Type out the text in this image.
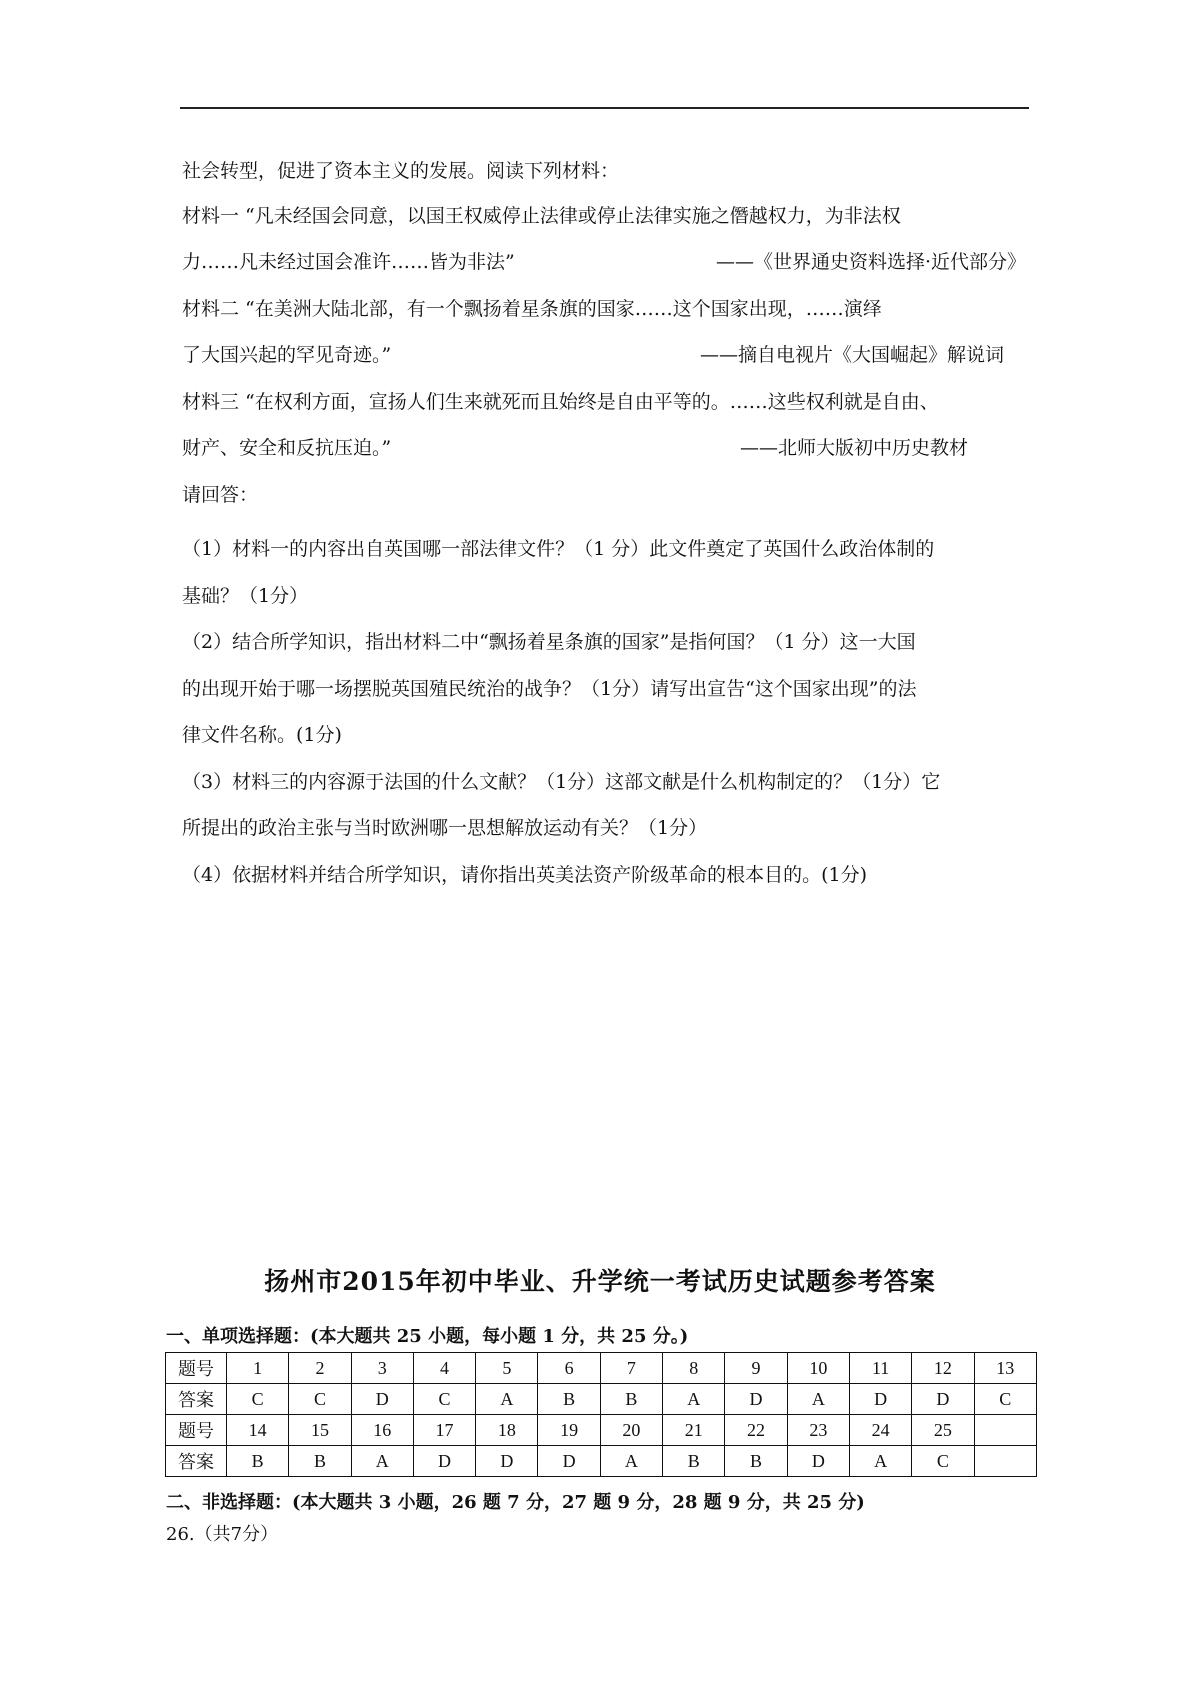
社会转型，促进了资本主义的发展。阅读下列材料：
材料一 “凡未经国会同意，以国王权威停止法律或停止法律实施之僭越权力，为非法权
力……凡未经过国会准许……皆为非法”	——《世界通史资料选择·近代部分》
材料二 “在美洲大陆北部，有一个飘扬着星条旗的国家……这个国家出现，……演绎
了大国兴起的罕见奇迹。”	——摘自电视片《大国崛起》解说词
材料三 “在权利方面，宣扬人们生来就死而且始终是自由平等的。……这些权利就是自由、
财产、安全和反抗压迫。”	——北师大版初中历史教材
请回答：
（1）材料一的内容出自英国哪一部法律文件？（1 分）此文件奠定了英国什么政治体制的
基础？（1分）
（2）结合所学知识，指出材料二中“飘扬着星条旗的国家”是指何国？（1 分）这一大国
的出现开始于哪一场摆脱英国殖民统治的战争？（1分）请写出宣告“这个国家出现”的法
律文件名称。(1分)
（3）材料三的内容源于法国的什么文献？（1分）这部文献是什么机构制定的？（1分）它
所提出的政治主张与当时欧洲哪一思想解放运动有关？（1分）
（4）依据材料并结合所学知识，请你指出英美法资产阶级革命的根本目的。(1分)
扬州市2015年初中毕业、升学统一考试历史试题参考答案
一、单项选择题：(本大题共 25 小题，每小题 1 分，共 25 分。)
题号	1	2	3	4	5	6	7	8	9	10	11	12	13
答案	C	C	D	C	A	B	B	A	D	A	D	D	C
题号	14	15	16	17	18	19	20	21	22	23	24	25	
答案	B	B	A	D	D	D	A	B	B	D	A	C	
二、非选择题：(本大题共 3 小题，26 题 7 分，27 题 9 分，28 题 9 分，共 25 分)
26.（共7分）
